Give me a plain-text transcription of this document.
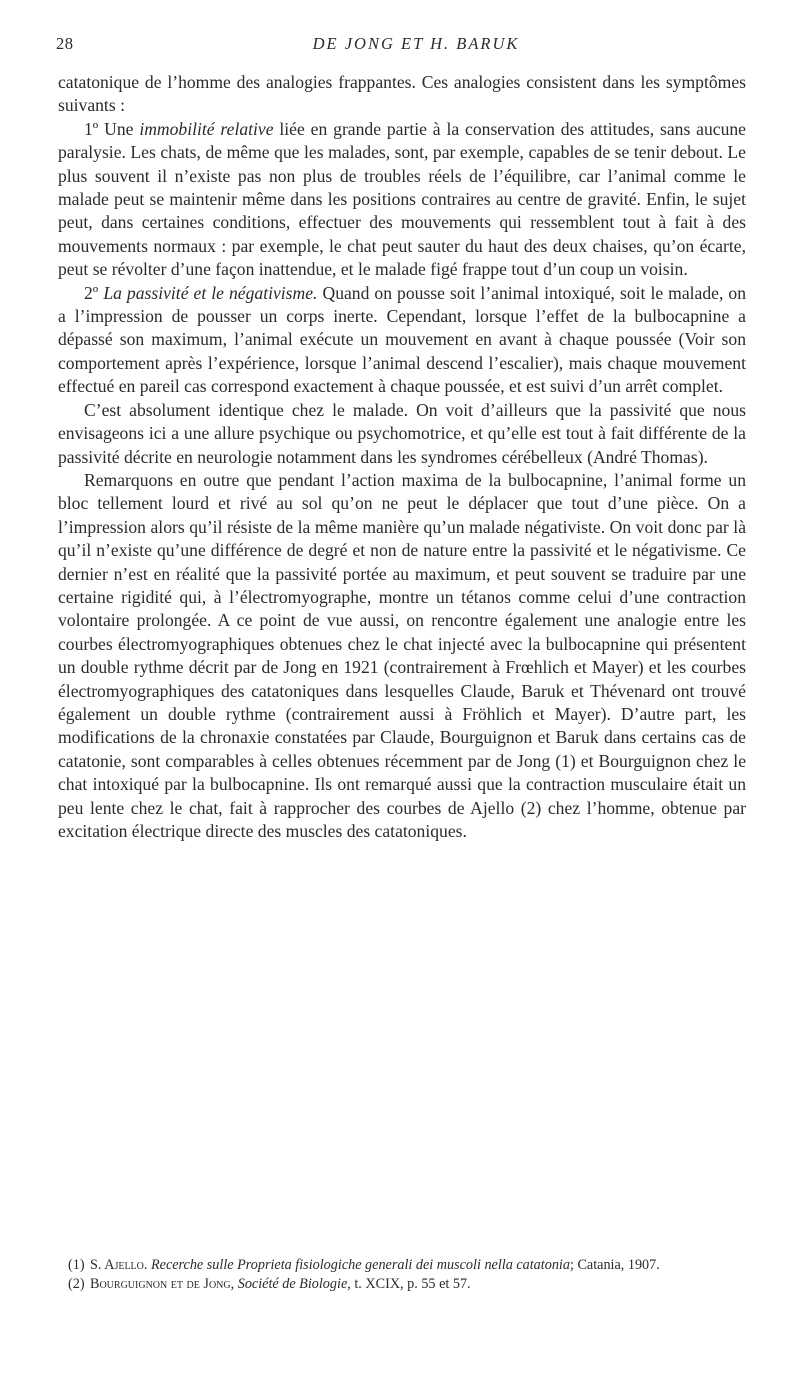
28	DE JONG ET H. BARUK

catatonique de l’homme des analogies frappantes. Ces analogies consistent dans les symptômes suivants :

1º Une immobilité relative liée en grande partie à la conservation des attitudes, sans aucune paralysie. Les chats, de même que les malades, sont, par exemple, capables de se tenir debout. Le plus souvent il n’existe pas non plus de troubles réels de l’équilibre, car l’animal comme le malade peut se maintenir même dans les positions contraires au centre de gravité. Enfin, le sujet peut, dans certaines conditions, effectuer des mouvements qui ressemblent tout à fait à des mouvements normaux : par exemple, le chat peut sauter du haut des deux chaises, qu’on écarte, peut se révolter d’une façon inattendue, et le malade figé frappe tout d’un coup un voisin.

2º La passivité et le négativisme. Quand on pousse soit l’animal intoxiqué, soit le malade, on a l’impression de pousser un corps inerte. Cependant, lorsque l’effet de la bulbocapnine a dépassé son maximum, l’animal exécute un mouvement en avant à chaque poussée (Voir son comportement après l’expérience, lorsque l’animal descend l’escalier), mais chaque mouvement effectué en pareil cas correspond exactement à chaque poussée, et est suivi d’un arrêt complet.

C’est absolument identique chez le malade. On voit d’ailleurs que la passivité que nous envisageons ici a une allure psychique ou psychomotrice, et qu’elle est tout à fait différente de la passivité décrite en neurologie notamment dans les syndromes cérébelleux (André Thomas).

Remarquons en outre que pendant l’action maxima de la bulbocapnine, l’animal forme un bloc tellement lourd et rivé au sol qu’on ne peut le déplacer que tout d’une pièce. On a l’impression alors qu’il résiste de la même manière qu’un malade négativiste. On voit donc par là qu’il n’existe qu’une différence de degré et non de nature entre la passivité et le négativisme. Ce dernier n’est en réalité que la passivité portée au maximum, et peut souvent se traduire par une certaine rigidité qui, à l’électromyographe, montre un tétanos comme celui d’une contraction volontaire prolongée. A ce point de vue aussi, on rencontre également une analogie entre les courbes électromyographiques obtenues chez le chat injecté avec la bulbocapnine qui présentent un double rythme décrit par de Jong en 1921 (contrairement à Frœhlich et Mayer) et les courbes électromyographiques des catatoniques dans lesquelles Claude, Baruk et Thévenard ont trouvé également un double rythme (contrairement aussi à Fröhlich et Mayer). D’autre part, les modifications de la chronaxie constatées par Claude, Bourguignon et Baruk dans certains cas de catatonie, sont comparables à celles obtenues récemment par de Jong (1) et Bourguignon chez le chat intoxiqué par la bulbocapnine. Ils ont remarqué aussi que la contraction musculaire était un peu lente chez le chat, fait à rapprocher des courbes de Ajello (2) chez l’homme, obtenue par excitation électrique directe des muscles des catatoniques.

(1) S. Ajello. Recerche sulle Proprieta fisiologiche generali dei muscoli nella catatonia; Catania, 1907.

(2) Bourguignon et de Jong, Société de Biologie, t. XCIX, p. 55 et 57.
